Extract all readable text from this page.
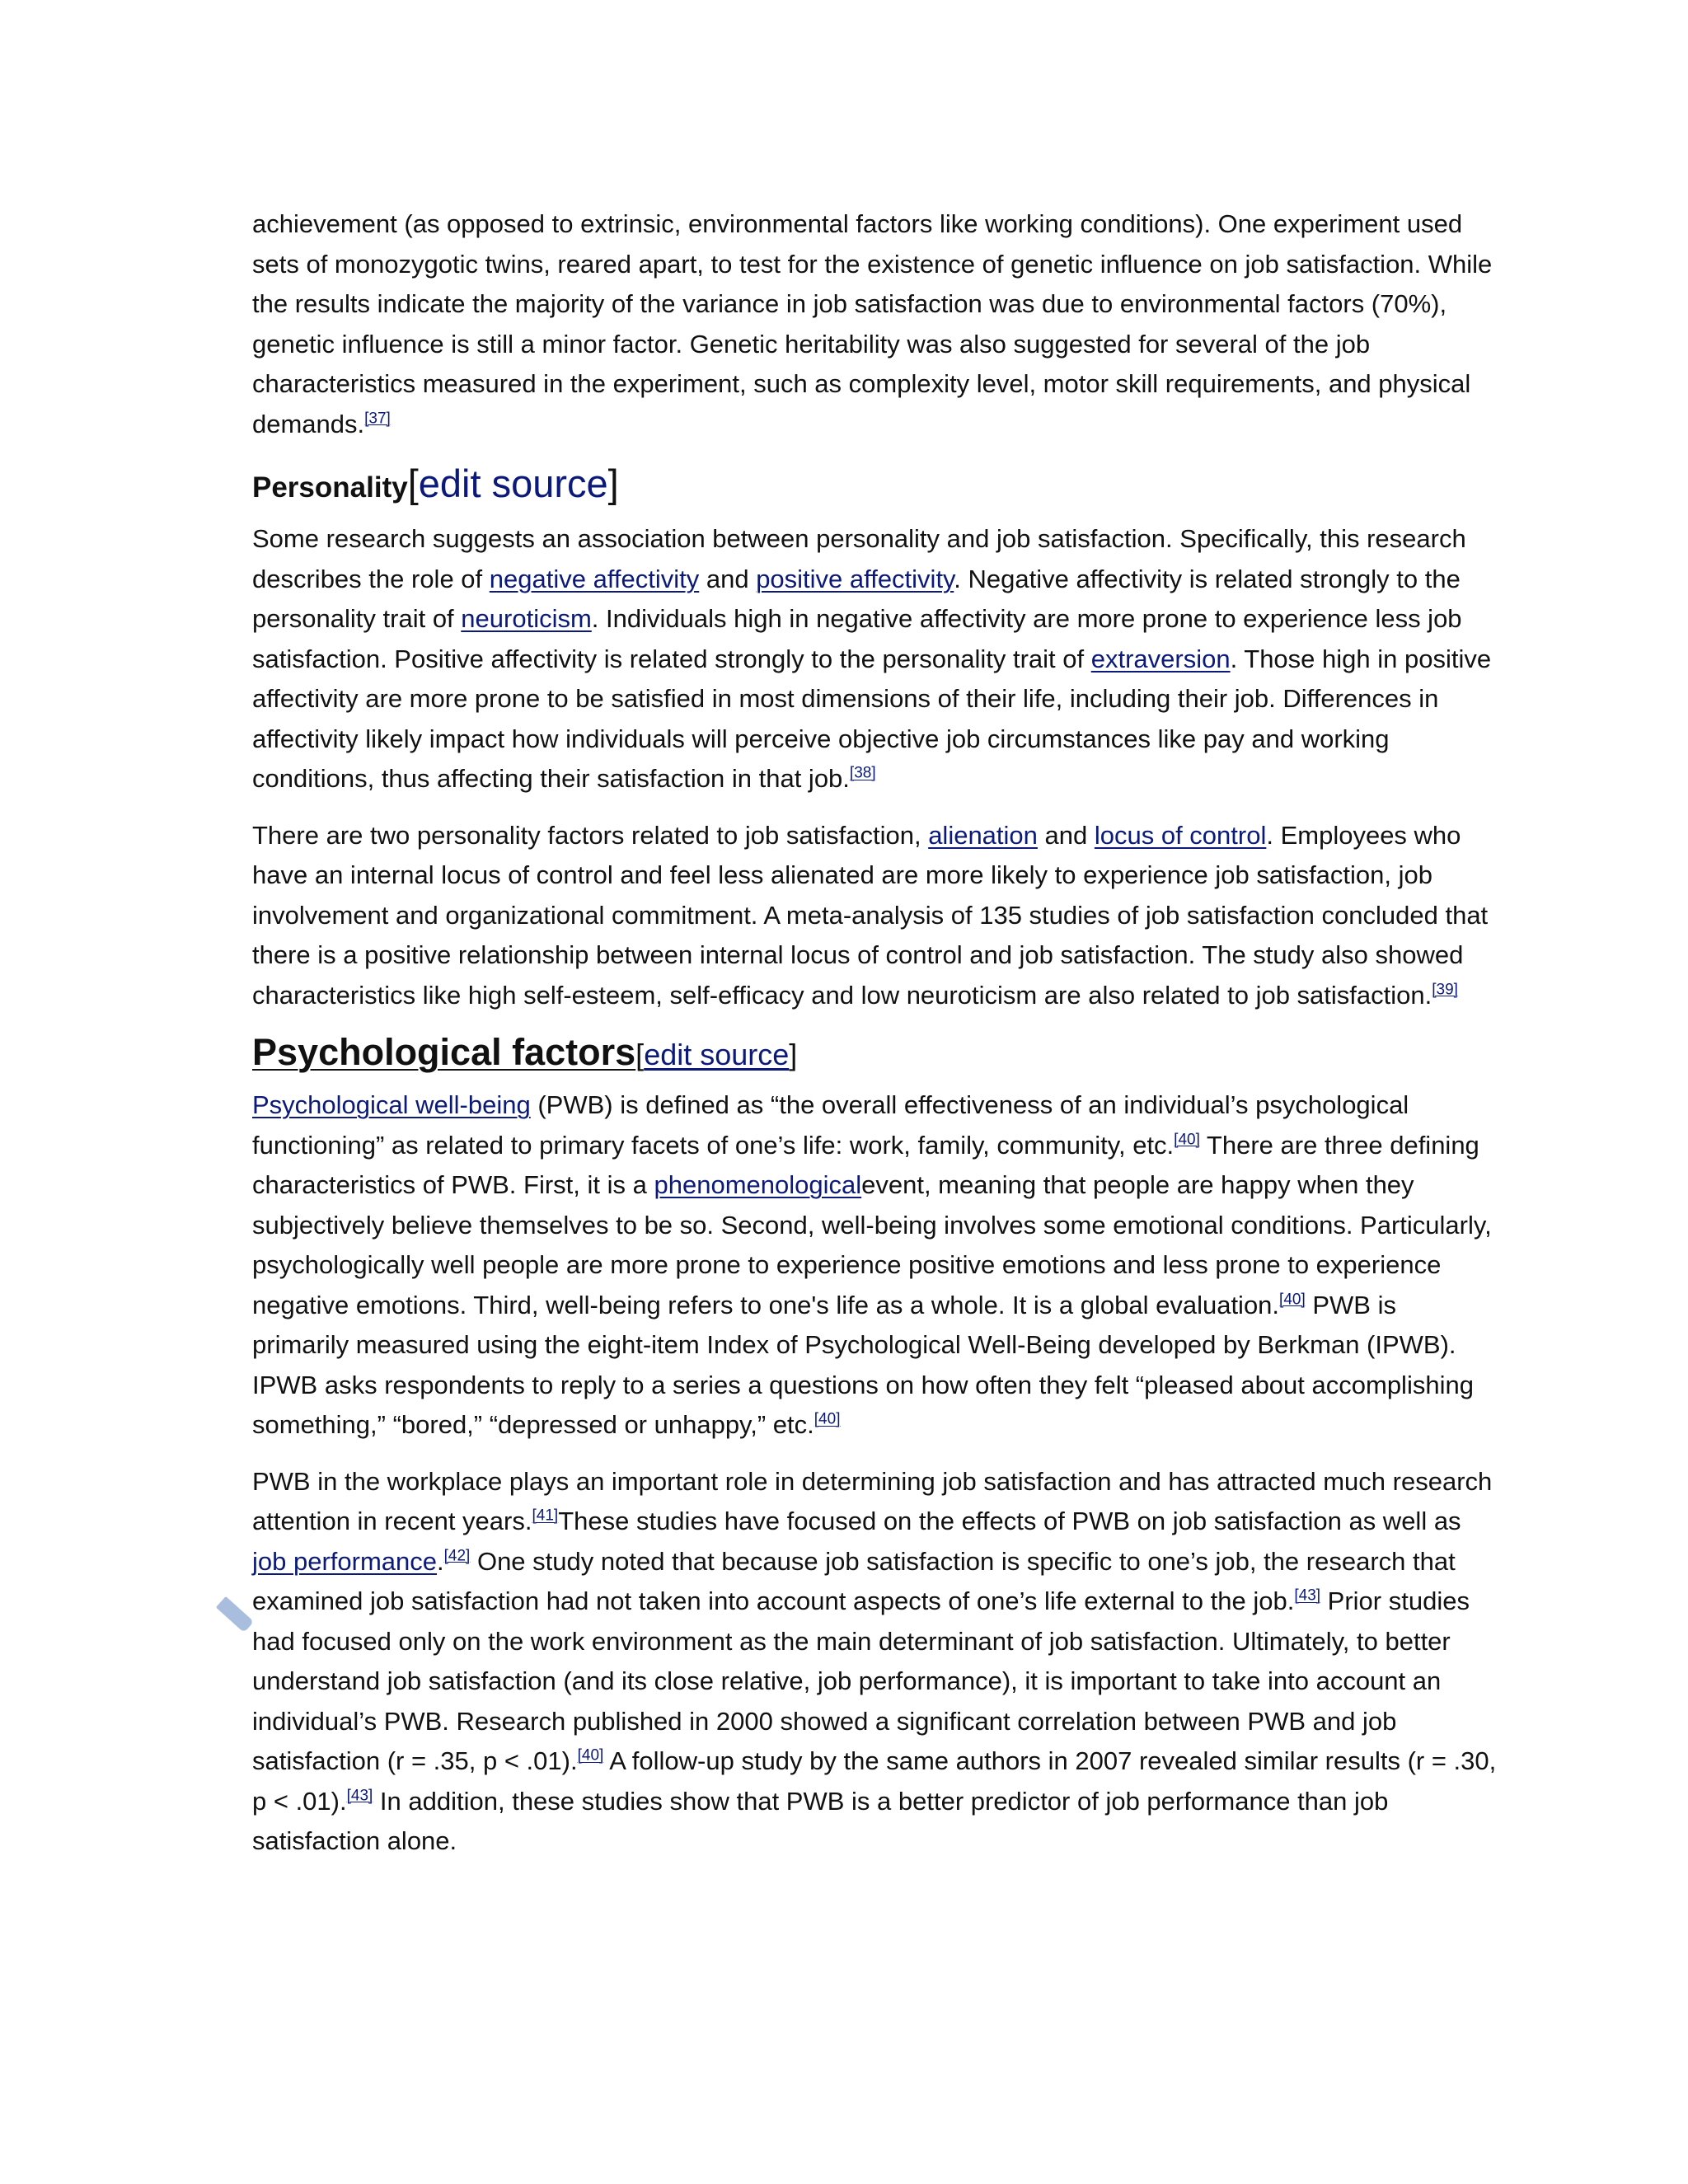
achievement (as opposed to extrinsic, environmental factors like working conditions). One experiment used sets of monozygotic twins, reared apart, to test for the existence of genetic influence on job satisfaction. While the results indicate the majority of the variance in job satisfaction was due to environmental factors (70%), genetic influence is still a minor factor. Genetic heritability was also suggested for several of the job characteristics measured in the experiment, such as complexity level, motor skill requirements, and physical demands.[37]

Personality[edit source]

Some research suggests an association between personality and job satisfaction. Specifically, this research describes the role of negative affectivity and positive affectivity. Negative affectivity is related strongly to the personality trait of neuroticism. Individuals high in negative affectivity are more prone to experience less job satisfaction. Positive affectivity is related strongly to the personality trait of extraversion. Those high in positive affectivity are more prone to be satisfied in most dimensions of their life, including their job. Differences in affectivity likely impact how individuals will perceive objective job circumstances like pay and working conditions, thus affecting their satisfaction in that job.[38]

There are two personality factors related to job satisfaction, alienation and locus of control. Employees who have an internal locus of control and feel less alienated are more likely to experience job satisfaction, job involvement and organizational commitment. A meta-analysis of 135 studies of job satisfaction concluded that there is a positive relationship between internal locus of control and job satisfaction. The study also showed characteristics like high self-esteem, self-efficacy and low neuroticism are also related to job satisfaction.[39]

Psychological factors[edit source]

Psychological well-being (PWB) is defined as “the overall effectiveness of an individual’s psychological functioning” as related to primary facets of one’s life: work, family, community, etc.[40] There are three defining characteristics of PWB. First, it is a phenomenologicalevent, meaning that people are happy when they subjectively believe themselves to be so. Second, well-being involves some emotional conditions. Particularly, psychologically well people are more prone to experience positive emotions and less prone to experience negative emotions. Third, well-being refers to one's life as a whole. It is a global evaluation.[40] PWB is primarily measured using the eight-item Index of Psychological Well-Being developed by Berkman (IPWB). IPWB asks respondents to reply to a series a questions on how often they felt “pleased about accomplishing something,” “bored,” “depressed or unhappy,” etc.[40]

PWB in the workplace plays an important role in determining job satisfaction and has attracted much research attention in recent years.[41]These studies have focused on the effects of PWB on job satisfaction as well as job performance.[42] One study noted that because job satisfaction is specific to one’s job, the research that examined job satisfaction had not taken into account aspects of one’s life external to the job.[43] Prior studies had focused only on the work environment as the main determinant of job satisfaction. Ultimately, to better understand job satisfaction (and its close relative, job performance), it is important to take into account an individual’s PWB. Research published in 2000 showed a significant correlation between PWB and job satisfaction (r = .35, p < .01).[40] A follow-up study by the same authors in 2007 revealed similar results (r = .30, p < .01).[43] In addition, these studies show that PWB is a better predictor of job performance than job satisfaction alone.
